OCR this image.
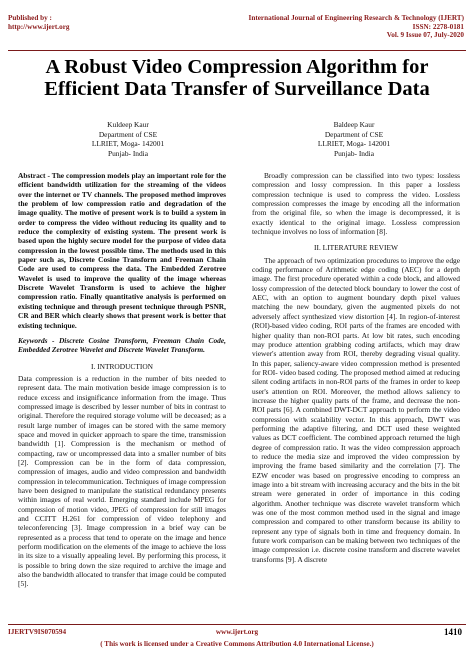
Published by :
http://www.ijert.org
International Journal of Engineering Research & Technology (IJERT)
ISSN: 2278-0181
Vol. 9 Issue 07, July-2020
A Robust Video Compression Algorithm for
Efficient Data Transfer of Surveillance Data
Kuldeep Kaur
Department of CSE
LLRIET, Moga- 142001
Punjab- India
Baldeep Kaur
Department of CSE
LLRIET, Moga- 142001
Punjab- India

Abstract - The compression models play an important role for the efficient bandwidth utilization for the streaming of the videos over the internet or TV channels. The proposed method improves the problem of low compression ratio and degradation of the image quality. The motive of present work is to build a system in order to compress the video without reducing its quality and to reduce the complexity of existing system. The present work is based upon the highly secure model for the purpose of video data compression in the lowest possible time. The methods used in this paper such as, Discrete Cosine Transform and Freeman Chain Code are used to compress the data. The Embedded Zerotree Wavelet is used to improve the quality of the image whereas Discrete Wavelet Transform is used to achieve the higher compression ratio. Finally quantitative analysis is performed on existing technique and through present technique through PSNR, CR and BER which clearly shows that present work is better that existing technique.

Keywords - Discrete Cosine Transform, Freeman Chain Code, Embedded Zerotree Wavelet and Discrete Wavelet Transform.

I. INTRODUCTION

Data compression is a reduction in the number of bits needed to represent data. The main motivation beside image compression is to reduce excess and insignificance information from the image. Thus compressed image is described by lesser number of bits in contrast to original. Therefore the required storage volume will be deceased; as a result large number of images can be stored with the same memory space and moved in quicker approach to spare the time, transmission bandwidth [1]. Compression is the mechanism or method of compacting, raw or uncompressed data into a smaller number of bits [2]. Compression can be in the form of data compression, compression of images, audio and video compression and bandwidth compression in telecommunication. Techniques of image compression have been designed to manipulate the statistical redundancy presents within images of real world. Emerging standard include MPEG for compression of motion video, JPEG of compression for still images and CCITT H.261 for compression of video telephony and teleconferencing [3]. Image compression in a brief way can be represented as a process that tend to operate on the image and hence perform modification on the elements of the image to achieve the loss in its size to a visually appealing level. By performing this process, it is possible to bring down the size required to archive the image and also the bandwidth allocated to transfer that image could be computed [5].

Broadly compression can be classified into two types: lossless compression and lossy compression. In this paper a lossless compression technique is used to compress the video. Lossless compression compresses the image by encoding all the information from the original file, so when the image is decompressed, it is exactly identical to the original image. Lossless compression technique involves no loss of information [8].

II. LITERATURE REVIEW

The approach of two optimization procedures to improve the edge coding performance of Arithmetic edge coding (AEC) for a depth image. The first procedure operated within a code block, and allowed lossy compression of the detected block boundary to lower the cost of AEC, with an option to augment boundary depth pixel values matching the new boundary, given the augmented pixels do not adversely affect synthesized view distortion [4]. In region-of-interest (ROI)-based video coding, ROI parts of the frames are encoded with higher quality than non-ROI parts. At low bit rates, such encoding may produce attention grabbing coding artifacts, which may draw viewer's attention away from ROI, thereby degrading visual quality. In this paper, saliency-aware video compression method is presented for ROI- video based coding. The proposed method aimed at reducing silent coding artifacts in non-ROI parts of the frames in order to keep user's attention on ROI. Moreover, the method allows saliency to increase the higher quality parts of the frame, and decrease the non-ROI parts [6]. A combined DWT-DCT approach to perform the video compression with scalability vector. In this approach, DWT was performing the adaptive filtering, and DCT used these weighted values as DCT coefficient. The combined approach returned the high degree of compression ratio. It was the video compression approach to reduce the media size and improved the video compression by improving the frame based similarity and the correlation [7]. The EZW encoder was based on progressive encoding to compress an image into a bit stream with increasing accuracy and the bits in the bit stream were generated in order of importance in this coding algorithm. Another technique was discrete wavelet transform which was one of the most common method used in the signal and image compression and compared to other transform because its ability to represent any type of signals both in time and frequency domain. In future work comparison can be making between two techniques of the image compression i.e. discrete cosine transform and discrete wavelet transforms [9]. A discrete

IJERTV9IS070594	www.ijert.org	1410
( This work is licensed under a Creative Commons Attribution 4.0 International License.)
